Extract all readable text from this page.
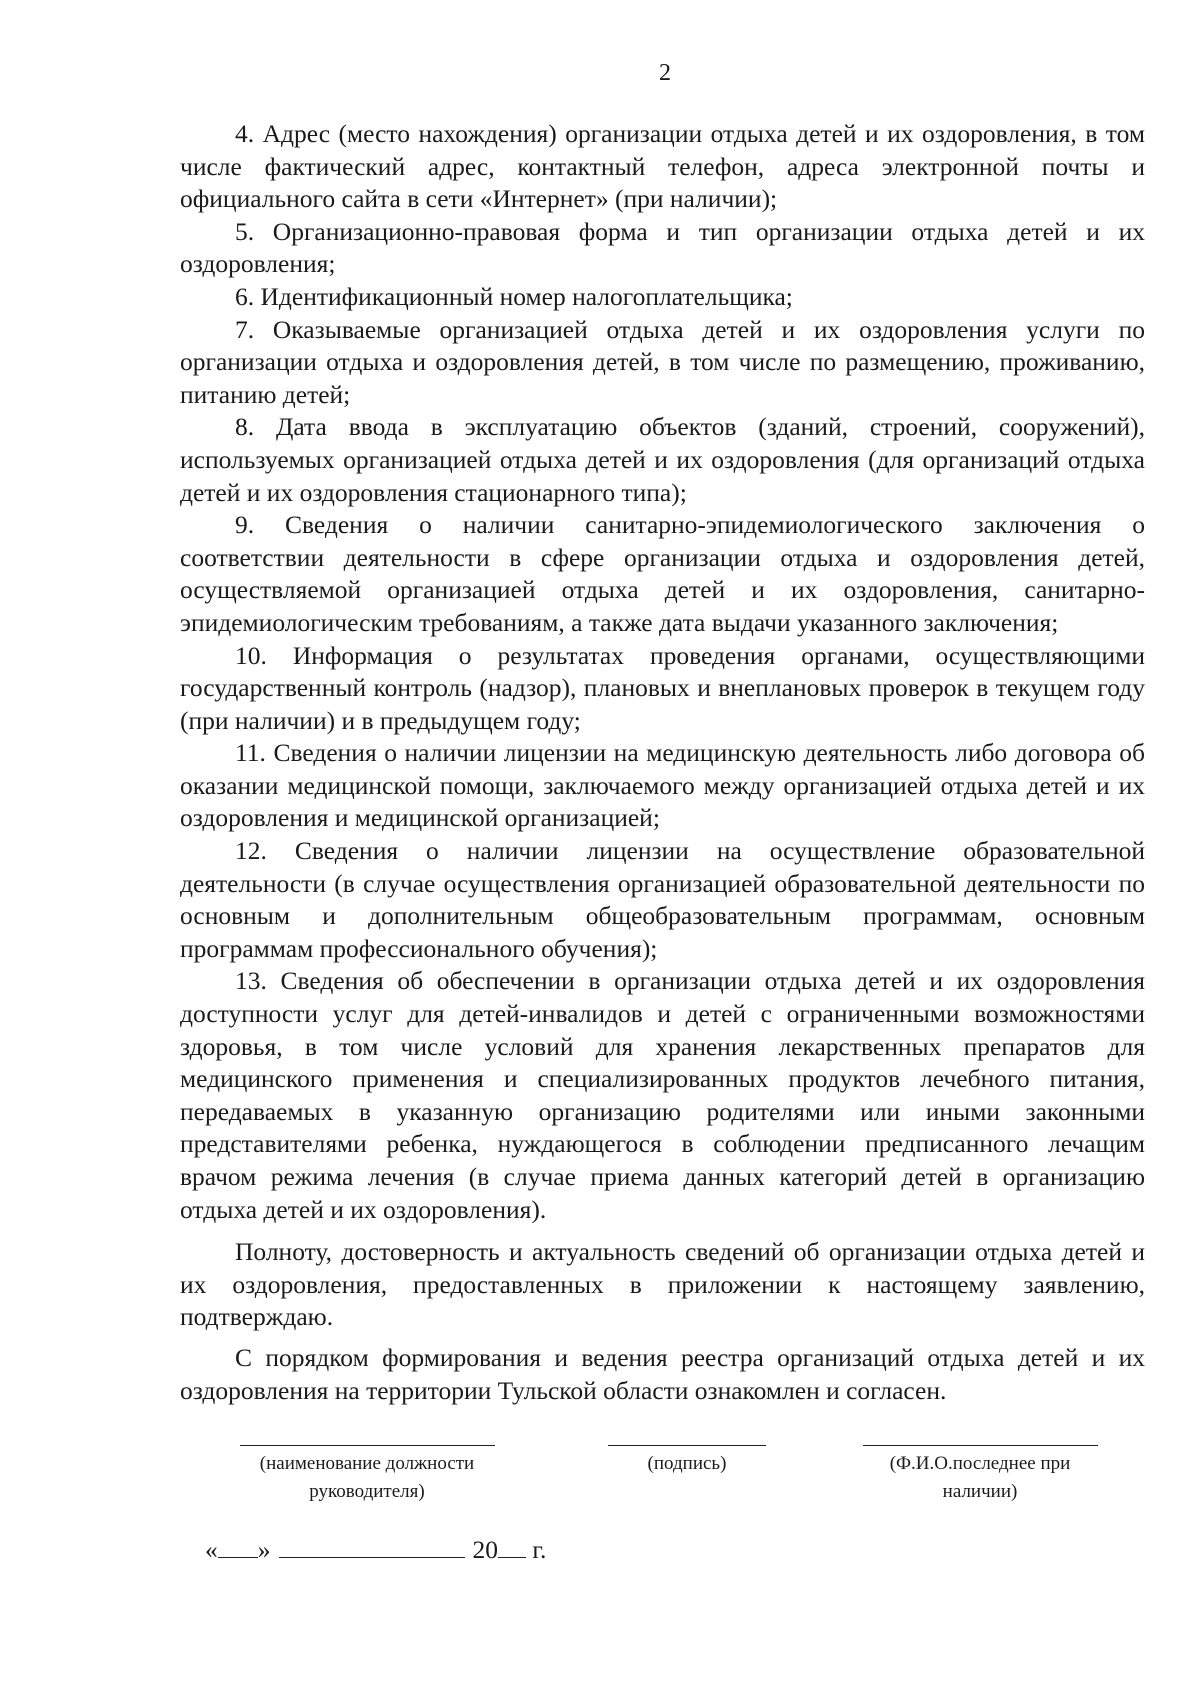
2

4. Адрес (место нахождения) организации отдыха детей и их оздоровления, в том числе фактический адрес, контактный телефон, адреса электронной почты и официального сайта в сети «Интернет» (при наличии);

5. Организационно-правовая форма и тип организации отдыха детей и их оздоровления;

6. Идентификационный номер налогоплательщика;

7. Оказываемые организацией отдыха детей и их оздоровления услуги по организации отдыха и оздоровления детей, в том числе по размещению, проживанию, питанию детей;

8. Дата ввода в эксплуатацию объектов (зданий, строений, сооружений), используемых организацией отдыха детей и их оздоровления (для организаций отдыха детей и их оздоровления стационарного типа);

9. Сведения о наличии санитарно-эпидемиологического заключения о соответствии деятельности в сфере организации отдыха и оздоровления детей, осуществляемой организацией отдыха детей и их оздоровления, санитарно-эпидемиологическим требованиям, а также дата выдачи указанного заключения;

10. Информация о результатах проведения органами, осуществляющими государственный контроль (надзор), плановых и внеплановых проверок в текущем году (при наличии) и в предыдущем году;

11. Сведения о наличии лицензии на медицинскую деятельность либо договора об оказании медицинской помощи, заключаемого между организацией отдыха детей и их оздоровления и медицинской организацией;

12. Сведения о наличии лицензии на осуществление образовательной деятельности (в случае осуществления организацией образовательной деятельности по основным и дополнительным общеобразовательным программам, основным программам профессионального обучения);

13. Сведения об обеспечении в организации отдыха детей и их оздоровления доступности услуг для детей-инвалидов и детей с ограниченными возможностями здоровья, в том числе условий для хранения лекарственных препаратов для медицинского применения и специализированных продуктов лечебного питания, передаваемых в указанную организацию родителями или иными законными представителями ребенка, нуждающегося в соблюдении предписанного лечащим врачом режима лечения (в случае приема данных категорий детей в организацию отдыха детей и их оздоровления).

Полноту, достоверность и актуальность сведений об организации отдыха детей и их оздоровления, предоставленных в приложении к настоящему заявлению, подтверждаю.

С порядком формирования и ведения реестра организаций отдыха детей и их оздоровления на территории Тульской области ознакомлен и согласен.

(наименование должности руководителя)
(подпись)	(Ф.И.О.последнее при наличии)
« »	20 г.
